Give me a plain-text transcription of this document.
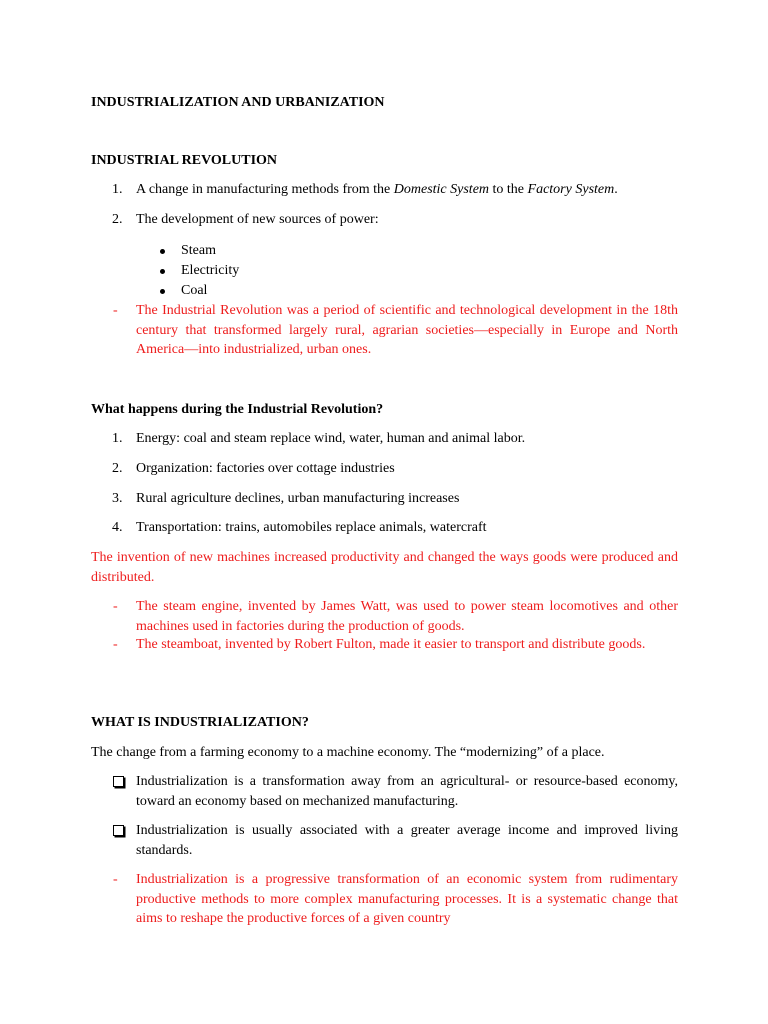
INDUSTRIALIZATION AND URBANIZATION
INDUSTRIAL REVOLUTION
1. A change in manufacturing methods from the Domestic System to the Factory System.
2. The development of new sources of power:
Steam
Electricity
Coal
- The Industrial Revolution was a period of scientific and technological development in the 18th century that transformed largely rural, agrarian societies—especially in Europe and North America—into industrialized, urban ones.
What happens during the Industrial Revolution?
1. Energy: coal and steam replace wind, water, human and animal labor.
2. Organization: factories over cottage industries
3. Rural agriculture declines, urban manufacturing increases
4. Transportation: trains, automobiles replace animals, watercraft
The invention of new machines increased productivity and changed the ways goods were produced and distributed.
- The steam engine, invented by James Watt, was used to power steam locomotives and other machines used in factories during the production of goods.
- The steamboat, invented by Robert Fulton, made it easier to transport and distribute goods.
WHAT IS INDUSTRIALIZATION?
The change from a farming economy to a machine economy. The “modernizing” of a place.
Industrialization is a transformation away from an agricultural- or resource-based economy, toward an economy based on mechanized manufacturing.
Industrialization is usually associated with a greater average income and improved living standards.
- Industrialization is a progressive transformation of an economic system from rudimentary productive methods to more complex manufacturing processes. It is a systematic change that aims to reshape the productive forces of a given country
